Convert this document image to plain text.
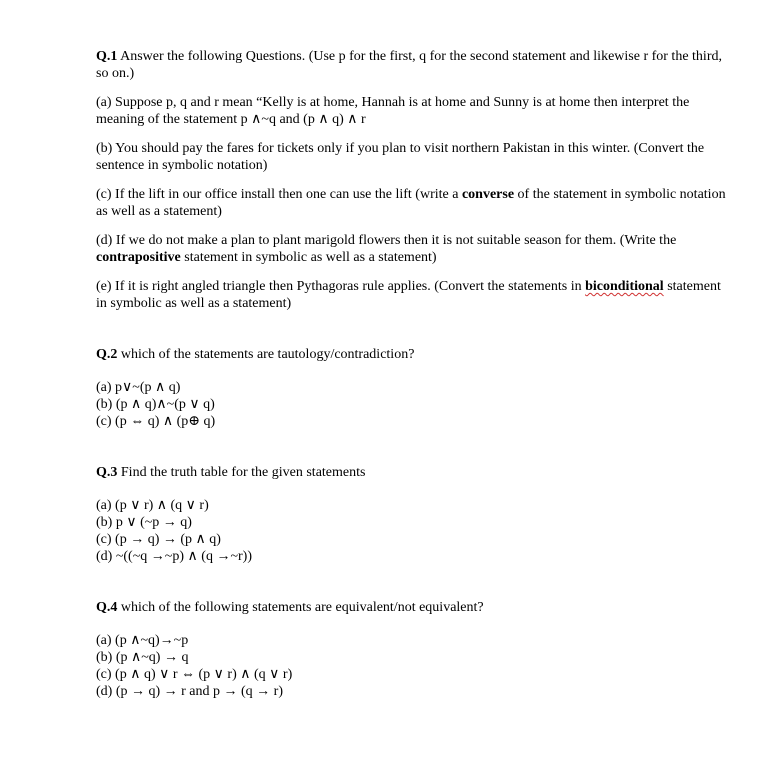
Q.1 Answer the following Questions. (Use p for the first, q for the second statement and likewise r for the third, so on.)

(a) Suppose p, q and r mean “Kelly is at home, Hannah is at home and Sunny is at home then interpret the meaning of the statement p ∧~q and (p ∧ q) ∧ r

(b) You should pay the fares for tickets only if you plan to visit northern Pakistan in this winter. (Convert the sentence in symbolic notation)

(c) If the lift in our office install then one can use the lift (write a converse of the statement in symbolic notation as well as a statement)

(d) If we do not make a plan to plant marigold flowers then it is not suitable season for them. (Write the contrapositive statement in symbolic as well as a statement)

(e) If it is right angled triangle then Pythagoras rule applies. (Convert the statements in biconditional statement in symbolic as well as a statement)

Q.2 which of the statements are tautology/contradiction?

(a) p∨~(p ∧ q)
(b) (p ∧ q)∧~(p ∨ q)
(c) (p ⇔ q) ∧ (p⊕ q)

Q.3 Find the truth table for the given statements

(a) (p ∨ r) ∧ (q ∨ r)
(b) p ∨ (~p → q)
(c) (p → q) → (p ∧ q)
(d) ~((~q →~p) ∧ (q →~r))

Q.4 which of the following statements are equivalent/not equivalent?

(a) (p ∧~q)→~p
(b) (p ∧~q) → q
(c) (p ∧ q) ∨ r ⇔ (p ∨ r) ∧ (q ∨ r)
(d) (p → q) → r and p → (q → r)
